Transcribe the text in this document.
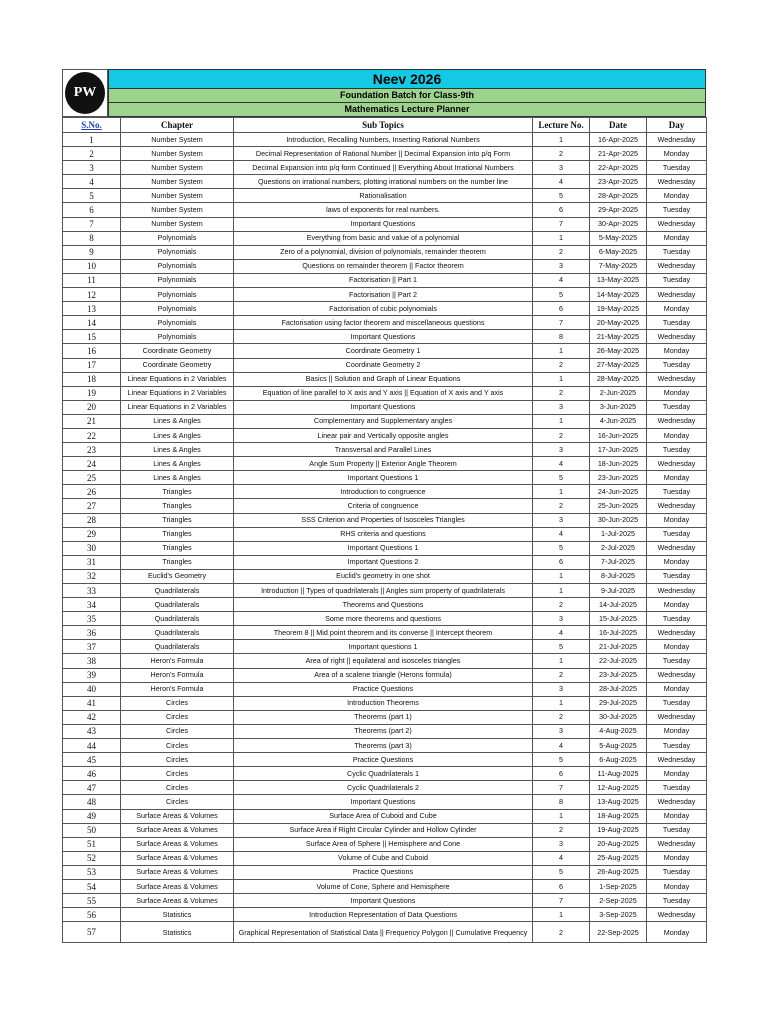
PW
Neev 2026
Foundation Batch for Class-9th
Mathematics Lecture Planner
S.No.	Chapter	Sub Topics	Lecture No.	Date	Day
1	Number System	Introduction, Recalling Numbers, Inserting Rational Numbers	1	16-Apr-2025	Wednesday
2	Number System	Decimal Representation of Rational Number || Decimal Expansion into p/q Form	2	21-Apr-2025	Monday
3	Number System	Decimal Expansion into p/q form Continued || Everything About Irrational Numbers	3	22-Apr-2025	Tuesday
4	Number System	Questions on irrational numbers, plotting irrational numbers on the number line	4	23-Apr-2025	Wednesday
5	Number System	Rationalisation	5	28-Apr-2025	Monday
6	Number System	laws of exponents for real numbers.	6	29-Apr-2025	Tuesday
7	Number System	Important Questions	7	30-Apr-2025	Wednesday
8	Polynomials	Everything from basic and value of a polynomial	1	5-May-2025	Monday
9	Polynomials	Zero of a polynomial, division of polynomials, remainder theorem	2	6-May-2025	Tuesday
10	Polynomials	Questions on remainder theorem || Factor theorem	3	7-May-2025	Wednesday
11	Polynomials	Factorisation || Part 1	4	13-May-2025	Tuesday
12	Polynomials	Factorisation || Part 2	5	14-May-2025	Wednesday
13	Polynomials	Factorisation of cubic polynomials	6	19-May-2025	Monday
14	Polynomials	Factorisation using factor theorem and miscellaneous questions	7	20-May-2025	Tuesday
15	Polynomials	Important Questions	8	21-May-2025	Wednesday
16	Coordinate Geometry	Coordinate Geometry 1	1	26-May-2025	Monday
17	Coordinate Geometry	Coordinate Geometry 2	2	27-May-2025	Tuesday
18	Linear Equations in 2 Variables	Basics || Solution and Graph of Linear Equations	1	28-May-2025	Wednesday
19	Linear Equations in 2 Variables	Equation of line parallel to X axis and Y axis || Equation of X axis and Y axis	2	2-Jun-2025	Monday
20	Linear Equations in 2 Variables	Important Questions	3	3-Jun-2025	Tuesday
21	Lines & Angles	Complementary and Supplementary angles	1	4-Jun-2025	Wednesday
22	Lines & Angles	Linear pair and Vertically opposite angles	2	16-Jun-2025	Monday
23	Lines & Angles	Transversal and Parallel Lines	3	17-Jun-2025	Tuesday
24	Lines & Angles	Angle Sum Property || Exterior Angle Theorem	4	18-Jun-2025	Wednesday
25	Lines & Angles	Important Questions 1	5	23-Jun-2025	Monday
26	Triangles	Introduction to congruence	1	24-Jun-2025	Tuesday
27	Triangles	Criteria of congruence	2	25-Jun-2025	Wednesday
28	Triangles	SSS Criterion and Properties of Isosceles Triangles	3	30-Jun-2025	Monday
29	Triangles	RHS criteria and questions	4	1-Jul-2025	Tuesday
30	Triangles	Important Questions 1	5	2-Jul-2025	Wednesday
31	Triangles	Important Questions 2	6	7-Jul-2025	Monday
32	Euclid's Geometry	Euclid's geometry in one shot	1	8-Jul-2025	Tuesday
33	Quadrilaterals	Introduction || Types of quadrilaterals || Angles sum property of quadrilaterals	1	9-Jul-2025	Wednesday
34	Quadrilaterals	Theorems and Questions	2	14-Jul-2025	Monday
35	Quadrilaterals	Some more theorems and questions	3	15-Jul-2025	Tuesday
36	Quadrilaterals	Theorem 8 || Mid point theorem and its converse || Intercept theorem	4	16-Jul-2025	Wednesday
37	Quadrilaterals	Important questions 1	5	21-Jul-2025	Monday
38	Heron's Formula	Area of right || equilateral and isosceles triangles	1	22-Jul-2025	Tuesday
39	Heron's Formula	Area of a scalene triangle (Herons formula)	2	23-Jul-2025	Wednesday
40	Heron's Formula	Practice Questions	3	28-Jul-2025	Monday
41	Circles	Introduction Theorems	1	29-Jul-2025	Tuesday
42	Circles	Theorems (part 1)	2	30-Jul-2025	Wednesday
43	Circles	Theorems (part 2)	3	4-Aug-2025	Monday
44	Circles	Theorems (part 3)	4	5-Aug-2025	Tuesday
45	Circles	Practice Questions	5	6-Aug-2025	Wednesday
46	Circles	Cyclic Quadrilaterals 1	6	11-Aug-2025	Monday
47	Circles	Cyclic Quadrilaterals 2	7	12-Aug-2025	Tuesday
48	Circles	Important Questions	8	13-Aug-2025	Wednesday
49	Surface Areas & Volumes	Surface Area of Cuboid and Cube	1	18-Aug-2025	Monday
50	Surface Areas & Volumes	Surface Area if Right Circular Cylinder and Hollow Cylinder	2	19-Aug-2025	Tuesday
51	Surface Areas & Volumes	Surface Area of Sphere || Hemisphere and Cone	3	20-Aug-2025	Wednesday
52	Surface Areas & Volumes	Volume of Cube and Cuboid	4	25-Aug-2025	Monday
53	Surface Areas & Volumes	Practice Questions	5	26-Aug-2025	Tuesday
54	Surface Areas & Volumes	Volume of Cone, Sphere and Hemisphere	6	1-Sep-2025	Monday
55	Surface Areas & Volumes	Important Questions	7	2-Sep-2025	Tuesday
56	Statistics	Introduction Representation of Data Questions	1	3-Sep-2025	Wednesday
57	Statistics	Graphical Representation of Statistical Data || Frequency Polygon || Cumulative Frequency	2	22-Sep-2025	Monday
